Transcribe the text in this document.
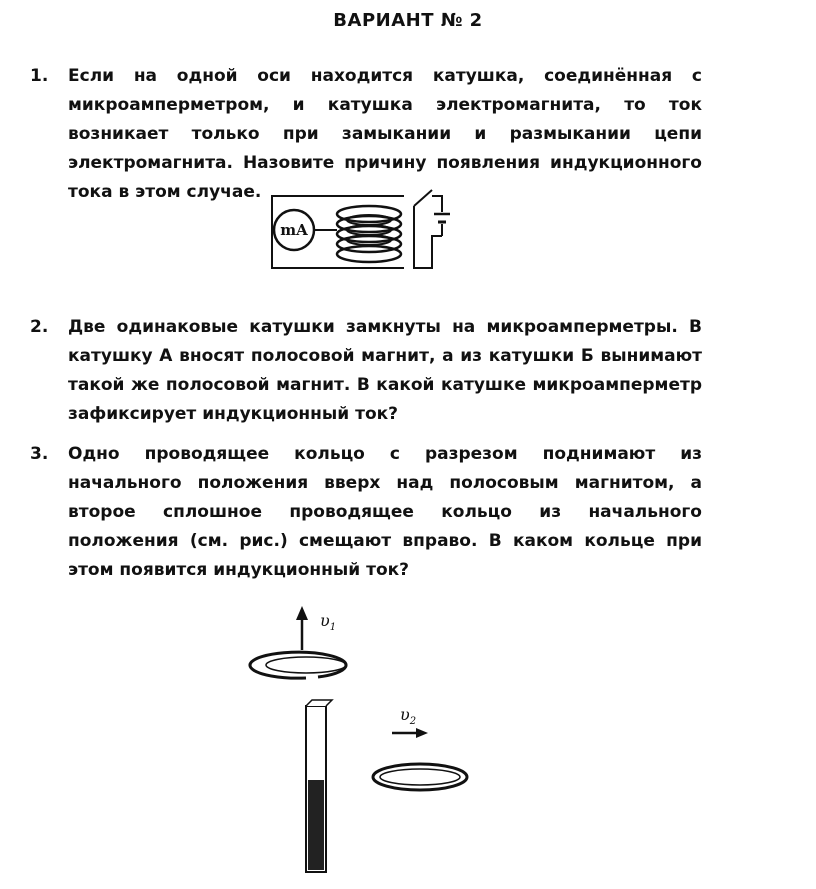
ВАРИАНТ № 2
1. Если на одной оси находится катушка, соединённая с микроамперметром, и катушка электромагнита, то ток возникает только при замыкании и размыкании цепи электромагнита. Назовите причину появления индукционного тока в этом случае.
mA
2. Две одинаковые катушки замкнуты на микроамперметры. В катушку А вносят полосовой магнит, а из катушки Б вынимают такой же полосовой магнит. В какой катушке микроамперметр зафиксирует индукционный ток?
3. Одно проводящее кольцо с разрезом поднимают из начального положения вверх над полосовым магнитом, а второе сплошное проводящее кольцо из начального положения (см. рис.) смещают вправо. В каком кольце при этом появится индукционный ток?
$\upsilon_1$
$\upsilon_2$
